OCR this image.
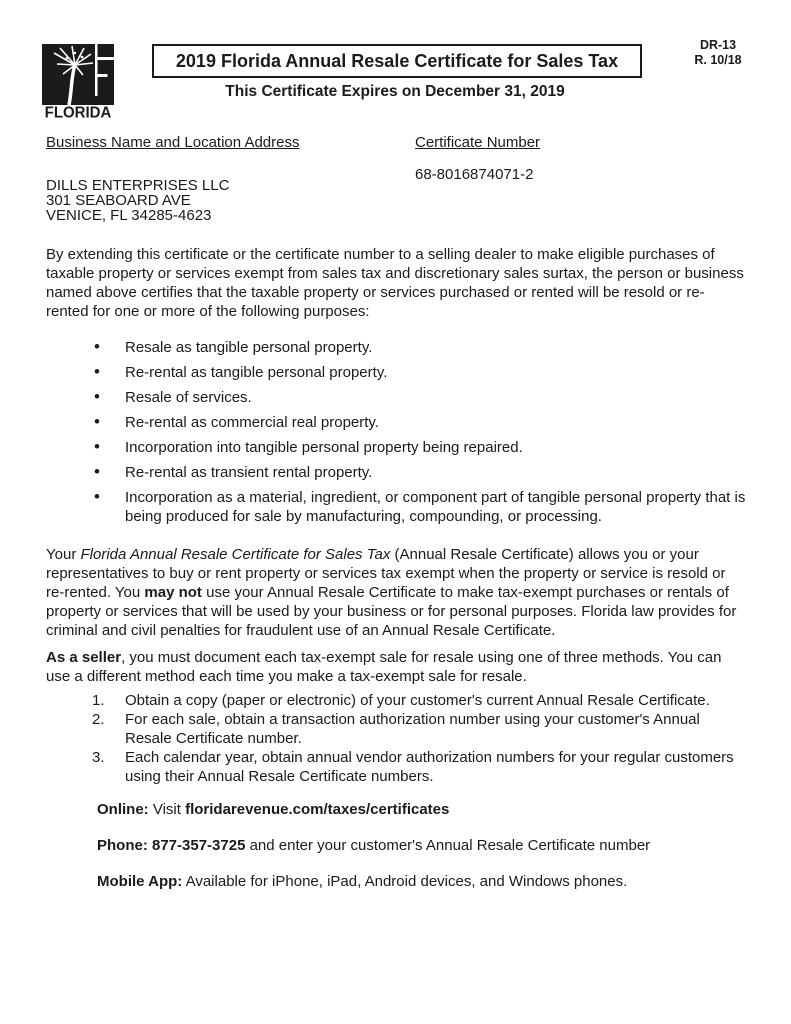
FLORIDA
2019 Florida Annual Resale Certificate for Sales Tax
This Certificate Expires on December 31, 2019
DR-13
R. 10/18
Business Name and Location Address
DILLS ENTERPRISES LLC
301 SEABOARD AVE
VENICE, FL 34285-4623
Certificate Number
68-8016874071-2

By extending this certificate or the certificate number to a selling dealer to make eligible purchases of taxable property or services exempt from sales tax and discretionary sales surtax, the person or business named above certifies that the taxable property or services purchased or rented will be resold or re-rented for one or more of the following purposes:

• Resale as tangible personal property.
• Re-rental as tangible personal property.
• Resale of services.
• Re-rental as commercial real property.
• Incorporation into tangible personal property being repaired.
• Re-rental as transient rental property.
• Incorporation as a material, ingredient, or component part of tangible personal property that is being produced for sale by manufacturing, compounding, or processing.

Your Florida Annual Resale Certificate for Sales Tax (Annual Resale Certificate) allows you or your representatives to buy or rent property or services tax exempt when the property or service is resold or re-rented. You may not use your Annual Resale Certificate to make tax-exempt purchases or rentals of property or services that will be used by your business or for personal purposes. Florida law provides for criminal and civil penalties for fraudulent use of an Annual Resale Certificate.

As a seller, you must document each tax-exempt sale for resale using one of three methods. You can use a different method each time you make a tax-exempt sale for resale.

Obtain a copy (paper or electronic) of your customer's current Annual Resale Certificate.
For each sale, obtain a transaction authorization number using your customer's Annual Resale Certificate number.
Each calendar year, obtain annual vendor authorization numbers for your regular customers using their Annual Resale Certificate numbers.
Online: Visit floridarevenue.com/taxes/certificates
Phone: 877-357-3725 and enter your customer's Annual Resale Certificate number
Mobile App: Available for iPhone, iPad, Android devices, and Windows phones.
